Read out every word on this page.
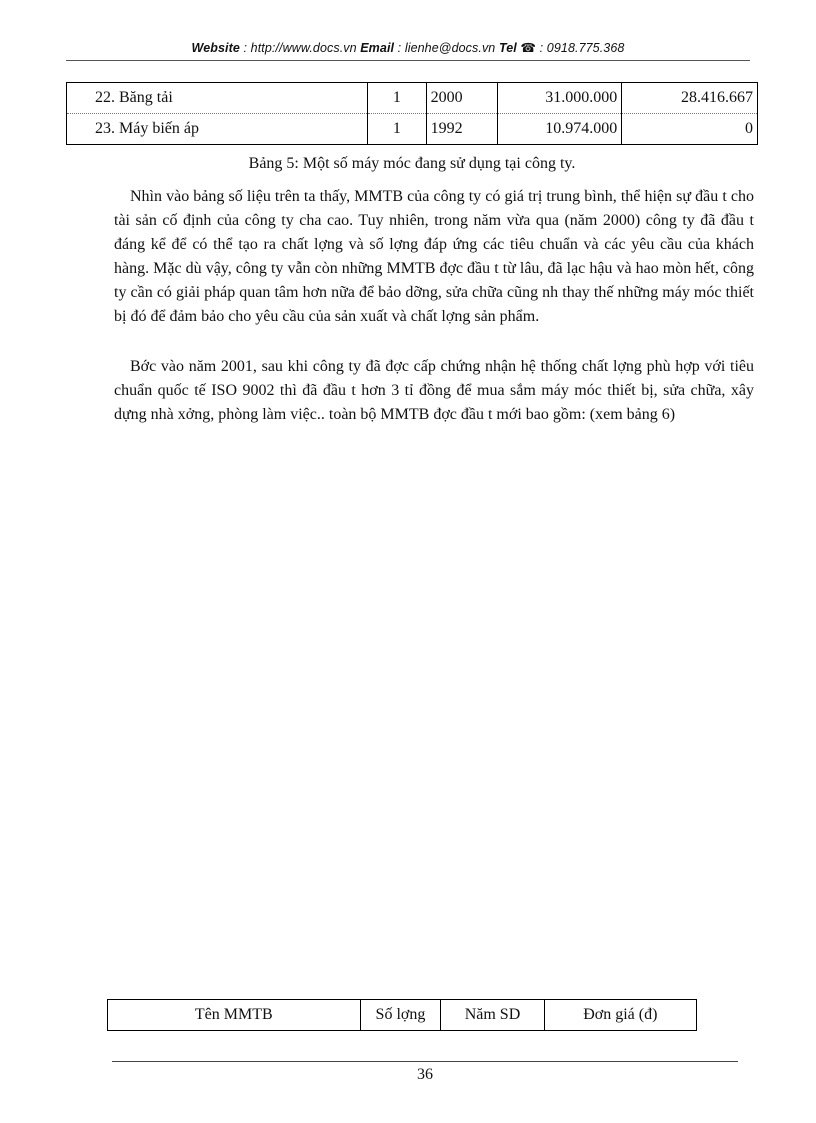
Website : http://www.docs.vn Email : lienhe@docs.vn Tel ☎ : 0918.775.368
22. Băng tải	1	2000	31.000.000	28.416.667
23. Máy biến áp	1	1992	10.974.000	0
Bảng 5: Một số máy móc đang sử dụng tại công ty.

Nhìn vào bảng số liệu trên ta thấy, MMTB của công ty có giá trị trung bình, thể hiện sự đầu t cho tài sản cố định của công ty cha cao. Tuy nhiên, trong năm vừa qua (năm 2000) công ty đã đầu t đáng kể để có thể tạo ra chất lợng và số lợng đáp ứng các tiêu chuẩn và các yêu cầu của khách hàng. Mặc dù vậy, công ty vẫn còn những MMTB đợc đầu t từ lâu, đã lạc hậu và hao mòn hết, công ty cần có giải pháp quan tâm hơn nữa để bảo dỡng, sửa chữa cũng nh thay thế những máy móc thiết bị đó để đảm bảo cho yêu cầu của sản xuất và chất lợng sản phẩm.

Bớc vào năm 2001, sau khi công ty đã đợc cấp chứng nhận hệ thống chất lợng phù hợp với tiêu chuẩn quốc tế ISO 9002 thì đã đầu t hơn 3 tỉ đồng để mua sắm máy móc thiết bị, sửa chữa, xây dựng nhà xởng, phòng làm việc.. toàn bộ MMTB đợc đầu t mới bao gồm: (xem bảng 6)

Tên MMTB	Số lợng	Năm SD	Đơn giá (đ)
36
